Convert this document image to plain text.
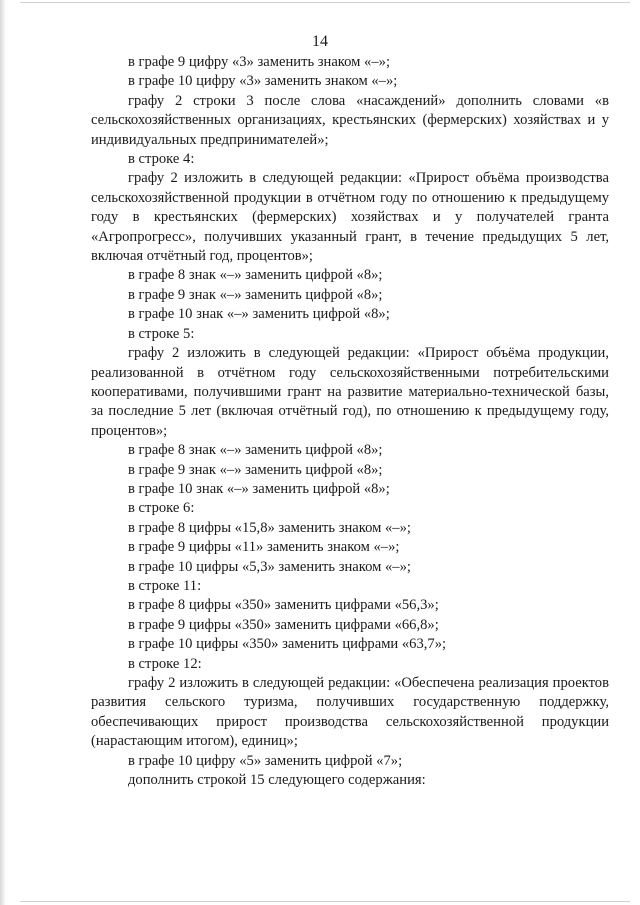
14

в графе 9 цифру «3» заменить знаком «–»;

в графе 10 цифру «3» заменить знаком «–»;

графу 2 строки 3 после слова «насаждений» дополнить словами «в сельскохозяйственных организациях, крестьянских (фермерских) хозяйствах и у индивидуальных предпринимателей»;

в строке 4:

графу 2 изложить в следующей редакции: «Прирост объёма производства сельскохозяйственной продукции в отчётном году по отношению к предыдущему году в крестьянских (фермерских) хозяйствах и у получателей гранта «Агропрогресс», получивших указанный грант, в течение предыдущих 5 лет, включая отчётный год, процентов»;

в графе 8 знак «–» заменить цифрой «8»;

в графе 9 знак «–» заменить цифрой «8»;

в графе 10 знак «–» заменить цифрой «8»;

в строке 5:

графу 2 изложить в следующей редакции: «Прирост объёма продукции, реализованной в отчётном году сельскохозяйственными потребительскими кооперативами, получившими грант на развитие материально-технической базы, за последние 5 лет (включая отчётный год), по отношению к предыдущему году, процентов»;

в графе 8 знак «–» заменить цифрой «8»;

в графе 9 знак «–» заменить цифрой «8»;

в графе 10 знак «–» заменить цифрой «8»;

в строке 6:

в графе 8 цифры «15,8» заменить знаком «–»;

в графе 9 цифры «11» заменить знаком «–»;

в графе 10 цифры «5,3» заменить знаком «–»;

в строке 11:

в графе 8 цифры «350» заменить цифрами «56,3»;

в графе 9 цифры «350» заменить цифрами «66,8»;

в графе 10 цифры «350» заменить цифрами «63,7»;

в строке 12:

графу 2 изложить в следующей редакции: «Обеспечена реализация проектов развития сельского туризма, получивших государственную поддержку, обеспечивающих прирост производства сельскохозяйственной продукции (нарастающим итогом), единиц»;

в графе 10 цифру «5» заменить цифрой «7»;

дополнить строкой 15 следующего содержания:
